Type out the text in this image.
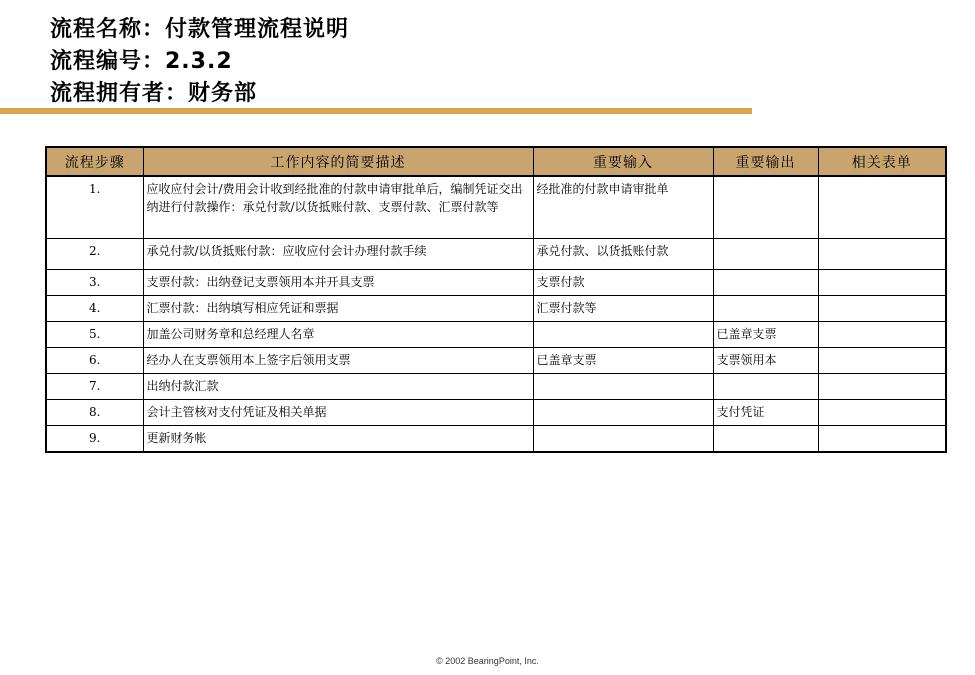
流程名称：付款管理流程说明
流程编号：2.3.2
流程拥有者：财务部
流程步骤	工作内容的简要描述	重要输入	重要输出	相关表单
1.	应收应付会计/费用会计收到经批准的付款申请审批单后，编制凭证交出纳进行付款操作：承兑付款/以货抵账付款、支票付款、汇票付款等	经批准的付款申请审批单		
2.	承兑付款/以货抵账付款：应收应付会计办理付款手续	承兑付款、以货抵账付款		
3.	支票付款：出纳登记支票领用本并开具支票	支票付款		
4.	汇票付款：出纳填写相应凭证和票据	汇票付款等		
5.	加盖公司财务章和总经理人名章		已盖章支票	
6.	经办人在支票领用本上签字后领用支票	已盖章支票	支票领用本	
7.	出纳付款汇款			
8.	会计主管核对支付凭证及相关单据		支付凭证	
9.	更新财务帐			
© 2002 BearingPoint, Inc.
